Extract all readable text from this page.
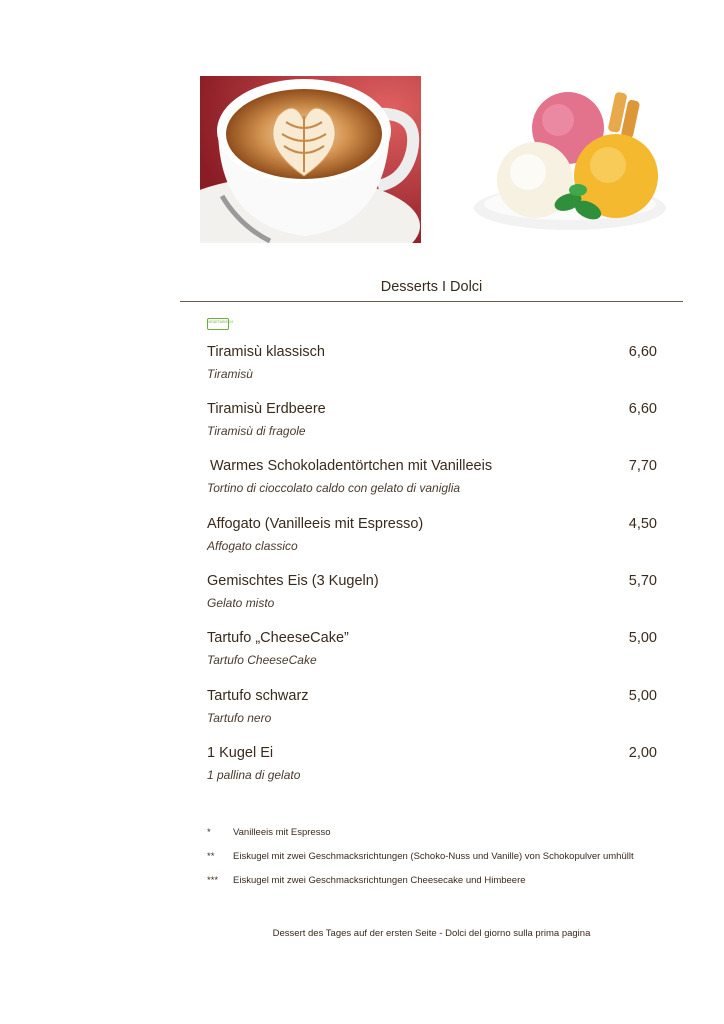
Desserts I Dolci
VEGETARISCH
Tiramisù klassisch	6,60
Tiramisù
Tiramisù Erdbeere	6,60
Tiramisù di fragole
Warmes Schokoladentörtchen mit Vanilleeis	7,70
Tortino di cioccolato caldo con gelato di vaniglia
Affogato (Vanilleeis mit Espresso)	4,50
Affogato classico
Gemischtes Eis (3 Kugeln)	5,70
Gelato misto
Tartufo „CheeseCake”	5,00
Tartufo CheeseCake
Tartufo schwarz	5,00
Tartufo nero
1 Kugel Ei	2,00
1 pallina di gelato
* Vanilleeis mit Espresso
** Eiskugel mit zwei Geschmacksrichtungen (Schoko-Nuss und Vanille) von Schokopulver umhüllt
*** Eiskugel mit zwei Geschmacksrichtungen Cheesecake und Himbeere
Dessert des Tages auf der ersten Seite - Dolci del giorno sulla prima pagina
